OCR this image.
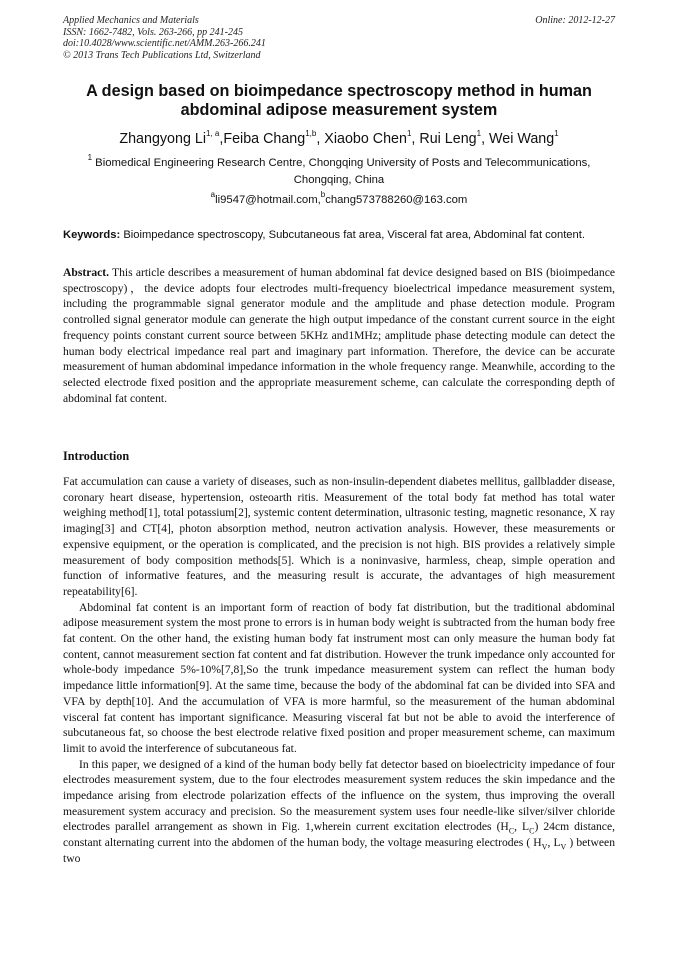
Applied Mechanics and Materials
ISSN: 1662-7482, Vols. 263-266, pp 241-245
doi:10.4028/www.scientific.net/AMM.263-266.241
© 2013 Trans Tech Publications Ltd, Switzerland
Online: 2012-12-27
A design based on bioimpedance spectroscopy method in human abdominal adipose measurement system
Zhangyong Li$^{1, a}$,Feiba Chang$^{1,b}$, Xiaobo Chen$^1$, Rui Leng$^1$, Wei Wang$^1$
$^1$ Biomedical Engineering Research Centre, Chongqing University of Posts and Telecommunications, Chongqing, China
$^a$li9547@hotmail.com,$^b$chang573788260@163.com
Keywords: Bioimpedance spectroscopy, Subcutaneous fat area, Visceral fat area, Abdominal fat content.

Abstract. This article describes a measurement of human abdominal fat device designed based on BIS (bioimpedance spectroscopy)，the device adopts four electrodes multi-frequency bioelectrical impedance measurement system, including the programmable signal generator module and the amplitude and phase detection module. Program controlled signal generator module can generate the high output impedance of the constant current source in the eight frequency points constant current source between 5KHz and1MHz; amplitude phase detecting module can detect the human body electrical impedance real part and imaginary part information. Therefore, the device can be accurate measurement of human abdominal impedance information in the whole frequency range. Meanwhile, according to the selected electrode fixed position and the appropriate measurement scheme, can calculate the corresponding depth of abdominal fat content.

Introduction

Fat accumulation can cause a variety of diseases, such as non-insulin-dependent diabetes mellitus, gallbladder disease, coronary heart disease, hypertension, osteoarth ritis. Measurement of the total body fat method has total water weighing method[1], total potassium[2], systemic content determination, ultrasonic testing, magnetic resonance, X ray imaging[3] and CT[4], photon absorption method, neutron activation analysis. However, these measurements or expensive equipment, or the operation is complicated, and the precision is not high. BIS provides a relatively simple measurement of body composition methods[5]. Which is a noninvasive, harmless, cheap, simple operation and function of informative features, and the measuring result is accurate, the advantages of high measurement repeatability[6].

Abdominal fat content is an important form of reaction of body fat distribution, but the traditional abdominal adipose measurement system the most prone to errors is in human body weight is subtracted from the human body free fat content. On the other hand, the existing human body fat instrument most can only measure the human body fat content, cannot measurement section fat content and fat distribution. However the trunk impedance only accounted for whole-body impedance 5%-10%[7,8],So the trunk impedance measurement system can reflect the human body impedance little information[9]. At the same time, because the body of the abdominal fat can be divided into SFA and VFA by depth[10]. And the accumulation of VFA is more harmful, so the measurement of the human abdominal visceral fat content has important significance. Measuring visceral fat but not be able to avoid the interference of subcutaneous fat, so choose the best electrode relative fixed position and proper measurement scheme, can maximum limit to avoid the interference of subcutaneous fat.

In this paper, we designed of a kind of the human body belly fat detector based on bioelectricity impedance of four electrodes measurement system, due to the four electrodes measurement system reduces the skin impedance and the impedance arising from electrode polarization effects of the influence on the system, thus improving the overall measurement system accuracy and precision. So the measurement system uses four needle-like silver/silver chloride electrodes parallel arrangement as shown in Fig. 1,wherein current excitation electrodes ($H_C$, $L_C$) 24cm distance, constant alternating current into the abdomen of the human body, the voltage measuring electrodes ( $H_V$, $L_V$ ) between two
